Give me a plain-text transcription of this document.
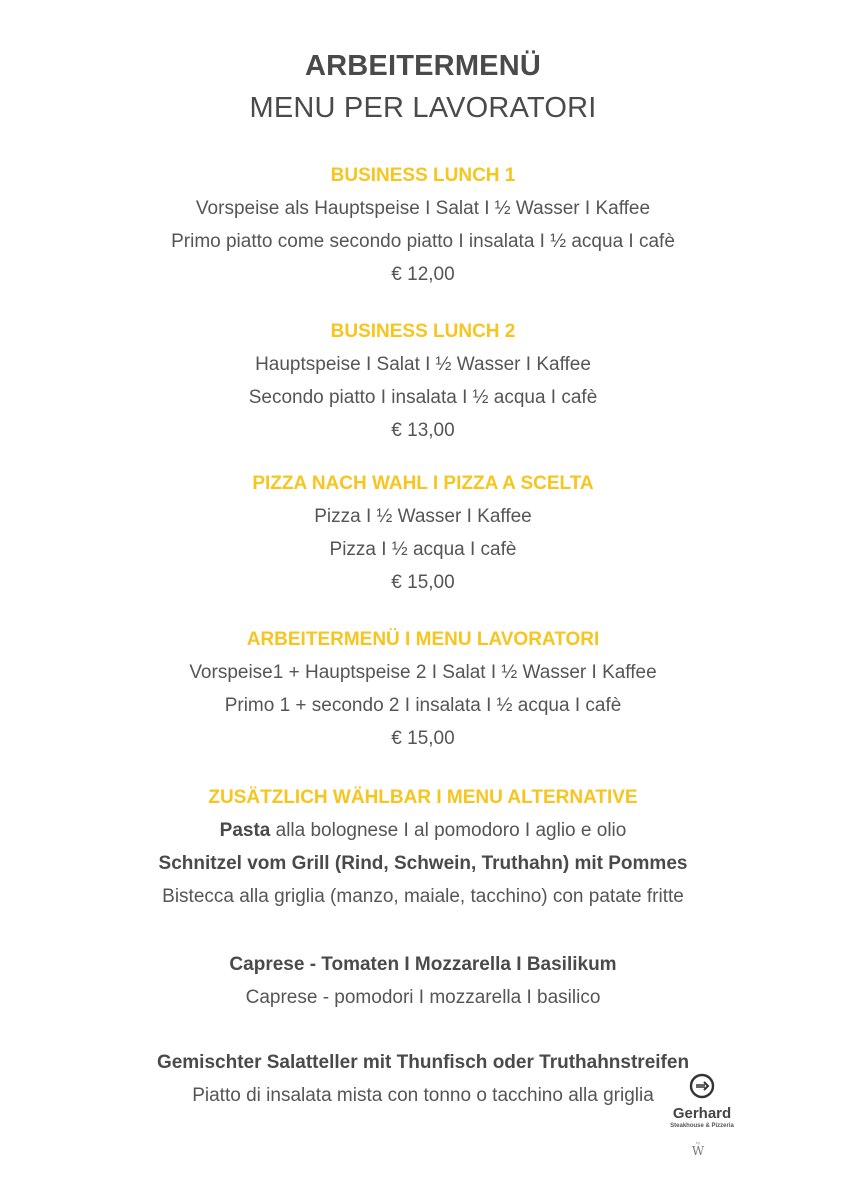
ARBEITERMENÜ
MENU PER LAVORATORI
BUSINESS LUNCH 1
Vorspeise als Hauptspeise I Salat I ½ Wasser I Kaffee
Primo piatto come secondo piatto I insalata I ½ acqua I cafè
€ 12,00
BUSINESS LUNCH 2
Hauptspeise I Salat I ½ Wasser I Kaffee
Secondo piatto I insalata I ½ acqua I cafè
€ 13,00
PIZZA NACH WAHL I PIZZA A SCELTA
Pizza I ½ Wasser I Kaffee
Pizza I ½ acqua I cafè
€ 15,00
ARBEITERMENÜ I MENU LAVORATORI
Vorspeise1 + Hauptspeise 2 I Salat I ½ Wasser I Kaffee
Primo 1 + secondo 2 I insalata I ½ acqua I cafè
€ 15,00
ZUSÄTZLICH WÄHLBAR I MENU ALTERNATIVE
Pasta alla bolognese I al pomodoro I aglio e olio
Schnitzel vom Grill (Rind, Schwein, Truthahn) mit Pommes
Bistecca alla griglia (manzo, maiale, tacchino) con patate fritte
Caprese - Tomaten I Mozzarella I Basilikum
Caprese - pomodori I mozzarella I basilico
Gemischter Salatteller mit Thunfisch oder Truthahnstreifen
Piatto di insalata mista con tonno o tacchino alla griglia
Gerhard
Steakhouse & Pizzeria
by
W
